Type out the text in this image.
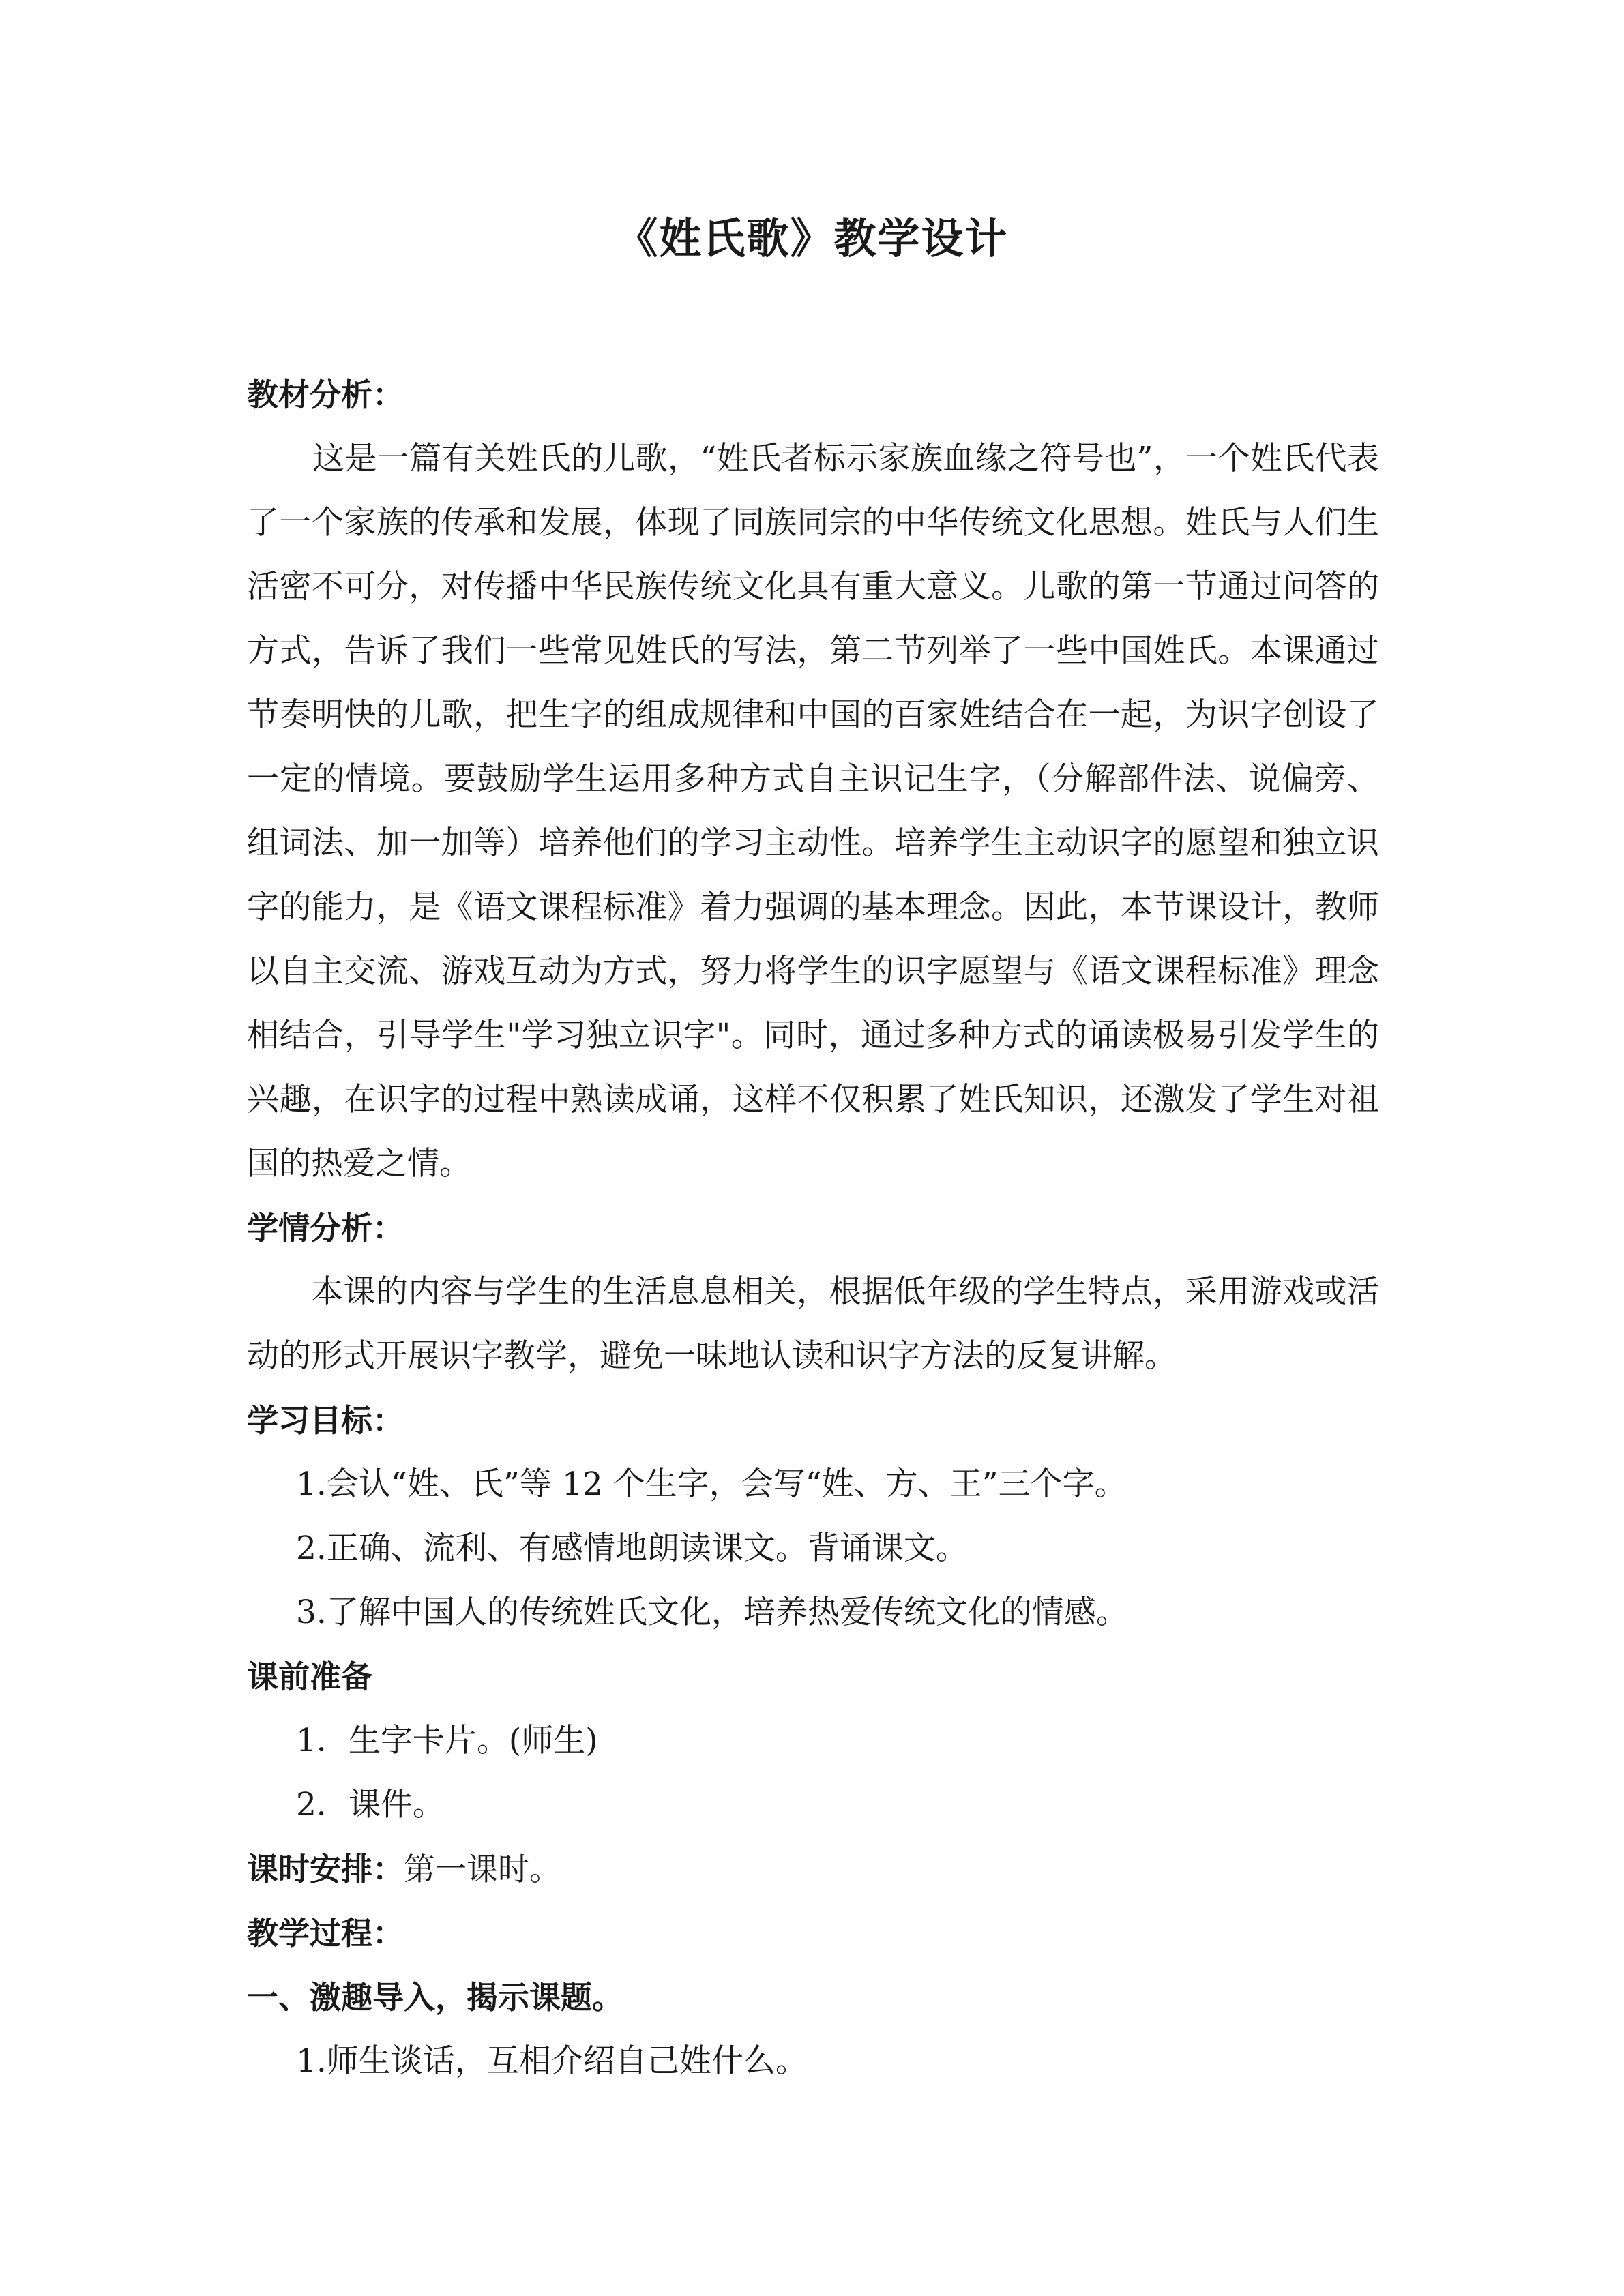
《姓氏歌》教学设计

教材分析：

这是一篇有关姓氏的儿歌，“姓氏者标示家族血缘之符号也”，一个姓氏代表了一个家族的传承和发展，体现了同族同宗的中华传统文化思想。姓氏与人们生活密不可分，对传播中华民族传统文化具有重大意义。儿歌的第一节通过问答的方式，告诉了我们一些常见姓氏的写法，第二节列举了一些中国姓氏。本课通过节奏明快的儿歌，把生字的组成规律和中国的百家姓结合在一起，为识字创设了一定的情境。要鼓励学生运用多种方式自主识记生字，（分解部件法、说偏旁、组词法、加一加等）培养他们的学习主动性。培养学生主动识字的愿望和独立识字的能力，是《语文课程标准》着力强调的基本理念。因此，本节课设计，教师以自主交流、游戏互动为方式，努力将学生的识字愿望与《语文课程标准》理念相结合，引导学生"学习独立识字"。同时，通过多种方式的诵读极易引发学生的兴趣，在识字的过程中熟读成诵，这样不仅积累了姓氏知识，还激发了学生对祖国的热爱之情。

学情分析：

本课的内容与学生的生活息息相关，根据低年级的学生特点，采用游戏或活动的形式开展识字教学，避免一味地认读和识字方法的反复讲解。

学习目标：

1.会认“姓、氏”等 12 个生字，会写“姓、方、王”三个字。

2.正确、流利、有感情地朗读课文。背诵课文。

3.了解中国人的传统姓氏文化，培养热爱传统文化的情感。

课前准备

1．生字卡片。(师生)

2．课件。

课时安排：第一课时。

教学过程：

一、激趣导入，揭示课题。

1.师生谈话，互相介绍自己姓什么。
